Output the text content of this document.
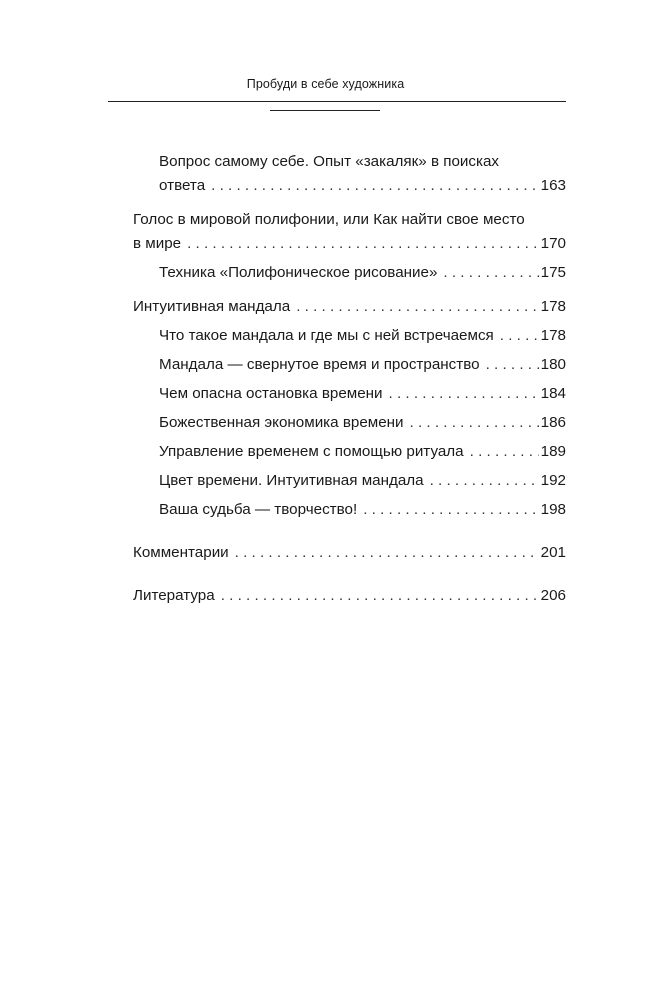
Пробуди в себе художника
Вопрос самому себе. Опыт «закаляк» в поисках
ответа . . .	163
Голос в мировой полифонии, или Как найти свое место
в мире . . .	170
Техника «Полифоническое рисование» . . .	175
Интуитивная мандала . . .	178
Что такое мандала и где мы с ней встречаемся . . .	178
Мандала — свернутое время и пространство . . .	180
Чем опасна остановка времени . . .	184
Божественная экономика времени . . .	186
Управление временем с помощью ритуала . . .	189
Цвет времени. Интуитивная мандала . . .	192
Ваша судьба — творчество! . . .	198
Комментарии . . .	201
Литература . . .	206
